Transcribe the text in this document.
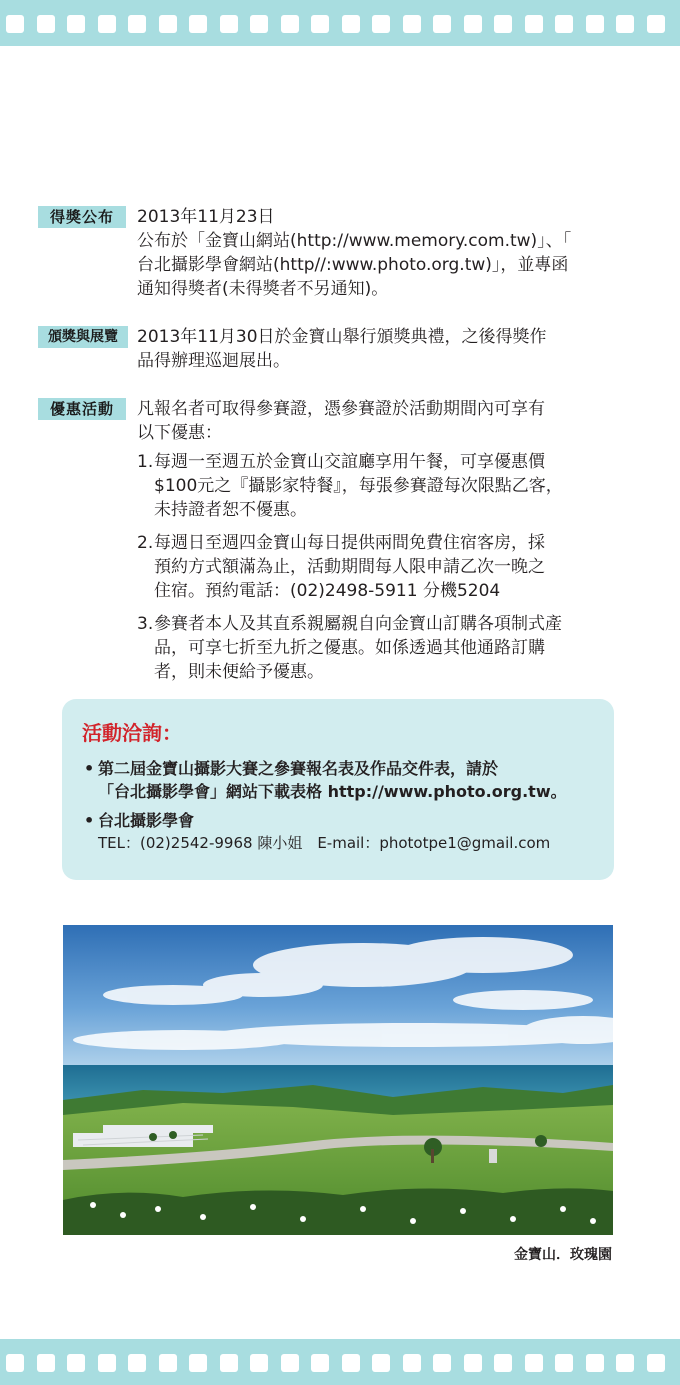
得獎公布	2013年11月23日
公布於「金寶山網站(http://www.memory.com.tw)」、「
台北攝影學會網站(http//:www.photo.org.tw)」，並專函
通知得獎者(未得獎者不另通知)。
頒獎與展覽	2013年11月30日於金寶山舉行頒獎典禮，之後得獎作
品得辦理巡迴展出。
優惠活動	凡報名者可取得參賽證，憑參賽證於活動期間內可享有
以下優惠：
1. 每週一至週五於金寶山交誼廳享用午餐，可享優惠價
$100元之『攝影家特餐』，每張參賽證每次限點乙客，
未持證者恕不優惠。
2. 每週日至週四金寶山每日提供兩間免費住宿客房，採
預約方式額滿為止，活動期間每人限申請乙次一晚之
住宿。預約電話：(02)2498-5911 分機5204
3. 參賽者本人及其直系親屬親自向金寶山訂購各項制式產
品，可享七折至九折之優惠。如係透過其他通路訂購
者，則未便給予優惠。
活動洽詢：
• 第二屆金寶山攝影大賽之參賽報名表及作品交件表，請於
「台北攝影學會」網站下載表格 http://www.photo.org.tw。
• 台北攝影學會
TEL：(02)2542-9968 陳小姐　E-mail：phototpe1@gmail.com
金寶山．玫瑰園
